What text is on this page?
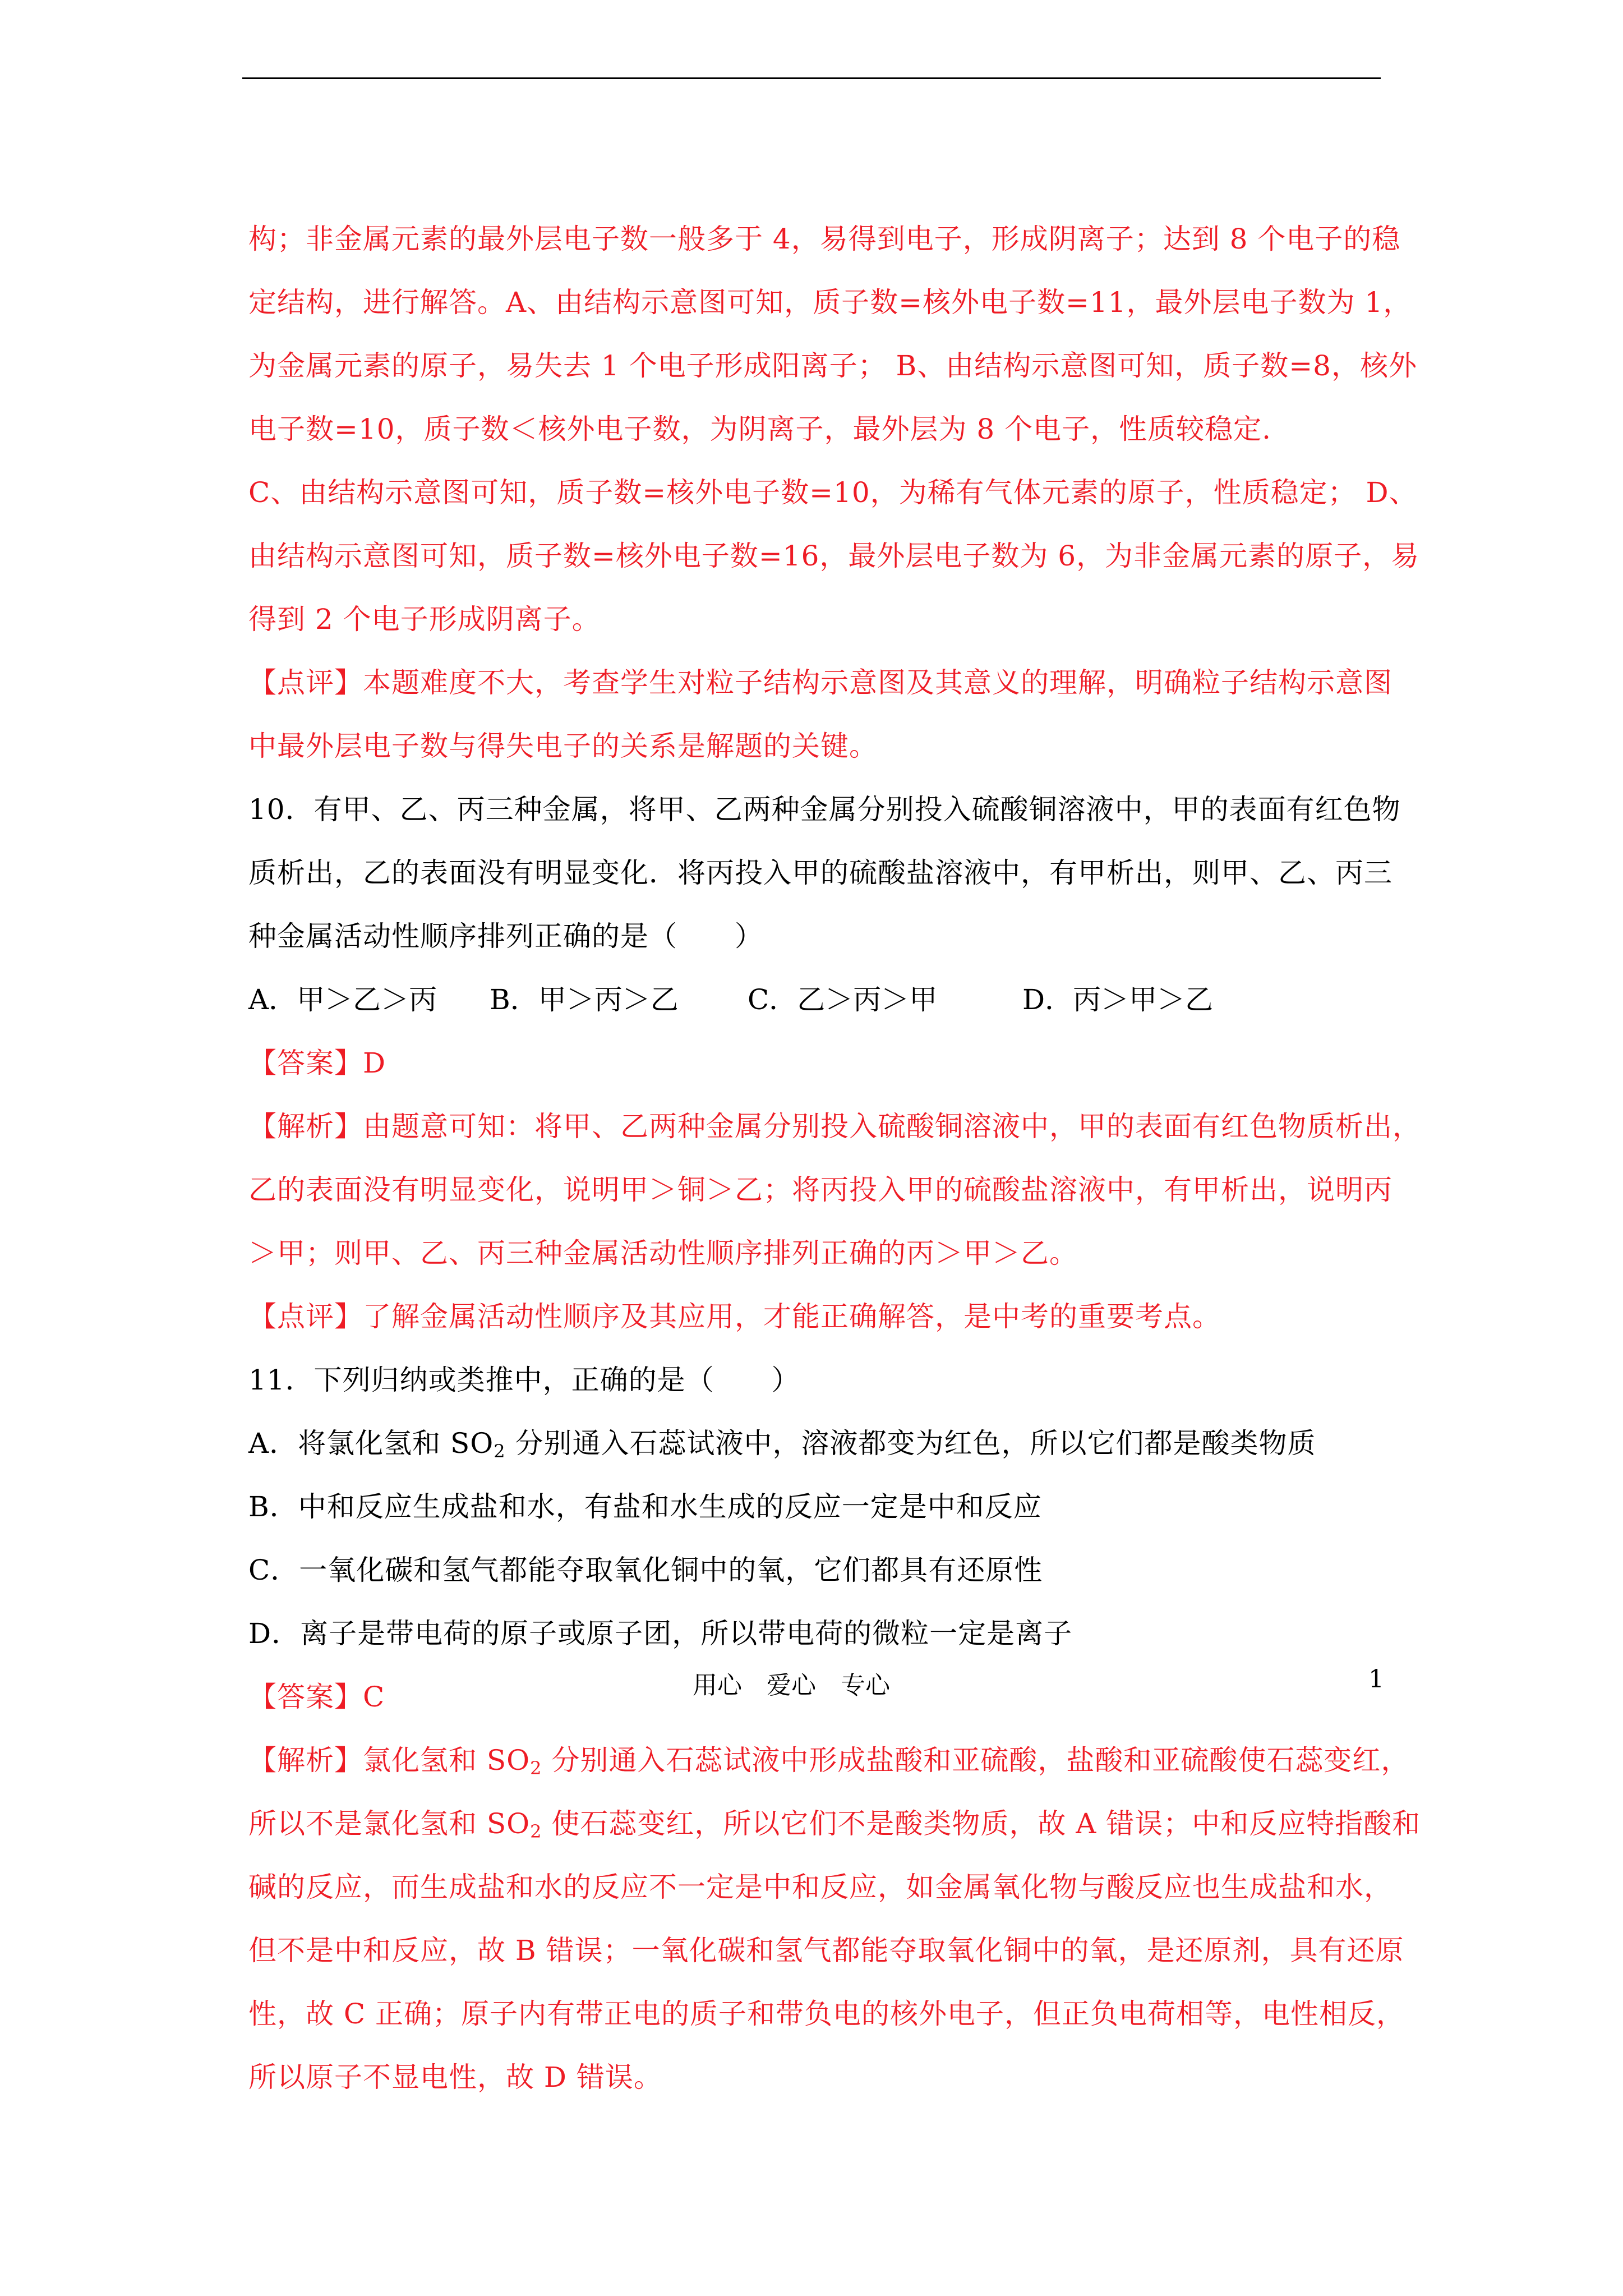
构；非金属元素的最外层电子数一般多于 4，易得到电子，形成阴离子；达到 8 个电子的稳
定结构，进行解答。A、由结构示意图可知，质子数=核外电子数=11，最外层电子数为 1，
为金属元素的原子，易失去 1 个电子形成阳离子； B、由结构示意图可知，质子数=8，核外
电子数=10，质子数＜核外电子数，为阴离子，最外层为 8 个电子，性质较稳定.
C、由结构示意图可知，质子数=核外电子数=10，为稀有气体元素的原子，性质稳定； D、
由结构示意图可知，质子数=核外电子数=16，最外层电子数为 6，为非金属元素的原子，易
得到 2 个电子形成阴离子。

【点评】本题难度不大，考查学生对粒子结构示意图及其意义的理解，明确粒子结构示意图
中最外层电子数与得失电子的关系是解题的关键。

10．有甲、乙、丙三种金属，将甲、乙两种金属分别投入硫酸铜溶液中，甲的表面有红色物
质析出，乙的表面没有明显变化．将丙投入甲的硫酸盐溶液中，有甲析出，则甲、乙、丙三
种金属活动性顺序排列正确的是（　　）

A．甲＞乙＞丙	B．甲＞丙＞乙	C．乙＞丙＞甲	D．丙＞甲＞乙

【答案】D

【解析】由题意可知：将甲、乙两种金属分别投入硫酸铜溶液中，甲的表面有红色物质析出，
乙的表面没有明显变化，说明甲＞铜＞乙；将丙投入甲的硫酸盐溶液中，有甲析出，说明丙
＞甲；则甲、乙、丙三种金属活动性顺序排列正确的丙＞甲＞乙。

【点评】了解金属活动性顺序及其应用，才能正确解答，是中考的重要考点。

11．下列归纳或类推中，正确的是（　　）
A．将氯化氢和 $SO_2$ 分别通入石蕊试液中，溶液都变为红色，所以它们都是酸类物质
B．中和反应生成盐和水，有盐和水生成的反应一定是中和反应
C．一氧化碳和氢气都能夺取氧化铜中的氧，它们都具有还原性
D．离子是带电荷的原子或原子团，所以带电荷的微粒一定是离子

【答案】C

【解析】氯化氢和 $SO_2$ 分别通入石蕊试液中形成盐酸和亚硫酸，盐酸和亚硫酸使石蕊变红，
所以不是氯化氢和 $SO_2$ 使石蕊变红，所以它们不是酸类物质，故 A 错误；中和反应特指酸和
碱的反应，而生成盐和水的反应不一定是中和反应，如金属氧化物与酸反应也生成盐和水，
但不是中和反应，故 B 错误；一氧化碳和氢气都能夺取氧化铜中的氧，是还原剂，具有还原
性，故 C 正确；原子内有带正电的质子和带负电的核外电子，但正负电荷相等，电性相反，
所以原子不显电性，故 D 错误。

用心　爱心　专心	1
